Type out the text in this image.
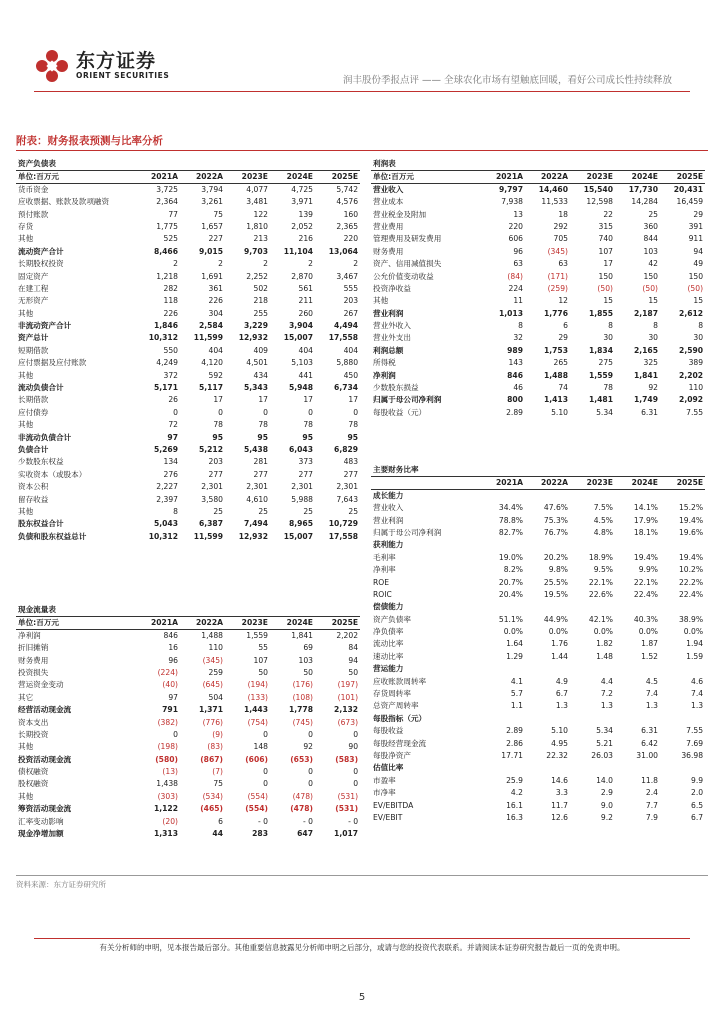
东方证券
ORIENT SECURITIES	润丰股份季报点评 —— 全球农化市场有望触底回暖，看好公司成长性持续释放
附表：财务报表预测与比率分析
资产负债表					
单位:百万元	2021A	2022A	2023E	2024E	2025E
货币资金	3,725	3,794	4,077	4,725	5,742
应收票据、账款及款项融资	2,364	3,261	3,481	3,971	4,576
预付账款	77	75	122	139	160
存货	1,775	1,657	1,810	2,052	2,365
其他	525	227	213	216	220
流动资产合计	8,466	9,015	9,703	11,104	13,064
长期股权投资	2	2	2	2	2
固定资产	1,218	1,691	2,252	2,870	3,467
在建工程	282	361	502	561	555
无形资产	118	226	218	211	203
其他	226	304	255	260	267
非流动资产合计	1,846	2,584	3,229	3,904	4,494
资产总计	10,312	11,599	12,932	15,007	17,558
短期借款	550	404	409	404	404
应付票据及应付账款	4,249	4,120	4,501	5,103	5,880
其他	372	592	434	441	450
流动负债合计	5,171	5,117	5,343	5,948	6,734
长期借款	26	17	17	17	17
应付债券	0	0	0	0	0
其他	72	78	78	78	78
非流动负债合计	97	95	95	95	95
负债合计	5,269	5,212	5,438	6,043	6,829
少数股东权益	134	203	281	373	483
实收资本（或股本）	276	277	277	277	277
资本公积	2,227	2,301	2,301	2,301	2,301
留存收益	2,397	3,580	4,610	5,988	7,643
其他	8	25	25	25	25
股东权益合计	5,043	6,387	7,494	8,965	10,729
负债和股东权益总计	10,312	11,599	12,932	15,007	17,558
现金流量表					
单位:百万元	2021A	2022A	2023E	2024E	2025E
净利润	846	1,488	1,559	1,841	2,202
折旧摊销	16	110	55	69	84
财务费用	96	(345)	107	103	94
投资损失	(224)	259	50	50	50
营运资金变动	(40)	(645)	(194)	(176)	(197)
其它	97	504	(133)	(108)	(101)
经营活动现金流	791	1,371	1,443	1,778	2,132
资本支出	(382)	(776)	(754)	(745)	(673)
长期投资	0	(9)	0	0	0
其他	(198)	(83)	148	92	90
投资活动现金流	(580)	(867)	(606)	(653)	(583)
债权融资	(13)	(7)	0	0	0
股权融资	1,438	75	0	0	0
其他	(303)	(534)	(554)	(478)	(531)
筹资活动现金流	1,122	(465)	(554)	(478)	(531)
汇率变动影响	(20)	6	- 0	- 0	- 0
现金净增加额	1,313	44	283	647	1,017
利润表					
单位:百万元	2021A	2022A	2023E	2024E	2025E
营业收入	9,797	14,460	15,540	17,730	20,431
营业成本	7,938	11,533	12,598	14,284	16,459
营业税金及附加	13	18	22	25	29
营业费用	220	292	315	360	391
管理费用及研发费用	606	705	740	844	911
财务费用	96	(345)	107	103	94
资产、信用减值损失	63	63	17	42	49
公允价值变动收益	(84)	(171)	150	150	150
投资净收益	224	(259)	(50)	(50)	(50)
其他	11	12	15	15	15
营业利润	1,013	1,776	1,855	2,187	2,612
营业外收入	8	6	8	8	8
营业外支出	32	29	30	30	30
利润总额	989	1,753	1,834	2,165	2,590
所得税	143	265	275	325	389
净利润	846	1,488	1,559	1,841	2,202
少数股东损益	46	74	78	92	110
归属于母公司净利润	800	1,413	1,481	1,749	2,092
每股收益（元）	2.89	5.10	5.34	6.31	7.55
主要财务比率					
	2021A	2022A	2023E	2024E	2025E
成长能力					
营业收入	34.4%	47.6%	7.5%	14.1%	15.2%
营业利润	78.8%	75.3%	4.5%	17.9%	19.4%
归属于母公司净利润	82.7%	76.7%	4.8%	18.1%	19.6%
获利能力					
毛利率	19.0%	20.2%	18.9%	19.4%	19.4%
净利率	8.2%	9.8%	9.5%	9.9%	10.2%
ROE	20.7%	25.5%	22.1%	22.1%	22.2%
ROIC	20.4%	19.5%	22.6%	22.4%	22.4%
偿债能力					
资产负债率	51.1%	44.9%	42.1%	40.3%	38.9%
净负债率	0.0%	0.0%	0.0%	0.0%	0.0%
流动比率	1.64	1.76	1.82	1.87	1.94
速动比率	1.29	1.44	1.48	1.52	1.59
营运能力					
应收账款周转率	4.1	4.9	4.4	4.5	4.6
存货周转率	5.7	6.7	7.2	7.4	7.4
总资产周转率	1.1	1.3	1.3	1.3	1.3
每股指标（元）					
每股收益	2.89	5.10	5.34	6.31	7.55
每股经营现金流	2.86	4.95	5.21	6.42	7.69
每股净资产	17.71	22.32	26.03	31.00	36.98
估值比率					
市盈率	25.9	14.6	14.0	11.8	9.9
市净率	4.2	3.3	2.9	2.4	2.0
EV/EBITDA	16.1	11.7	9.0	7.7	6.5
EV/EBIT	16.3	12.6	9.2	7.9	6.7
资料来源：东方证券研究所
有关分析师的申明，见本报告最后部分。其他重要信息披露见分析师申明之后部分，或请与您的投资代表联系。并请阅读本证券研究报告最后一页的免责申明。
5
